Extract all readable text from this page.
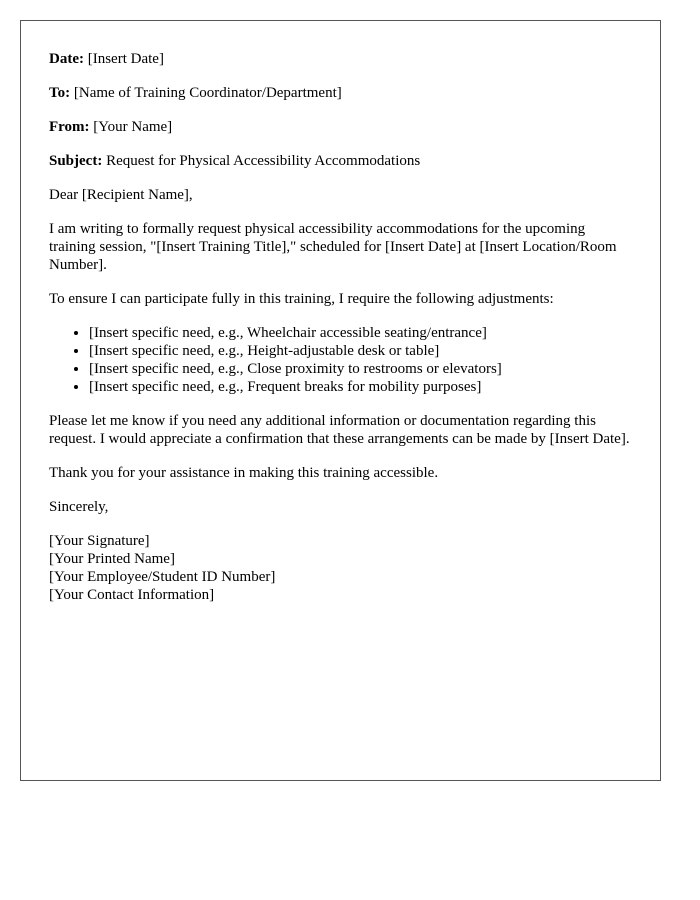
Date: [Insert Date]

To: [Name of Training Coordinator/Department]

From: [Your Name]

Subject: Request for Physical Accessibility Accommodations

Dear [Recipient Name],

I am writing to formally request physical accessibility accommodations for the upcoming training session, "[Insert Training Title]," scheduled for [Insert Date] at [Insert Location/Room Number].

To ensure I can participate fully in this training, I require the following adjustments:

• [Insert specific need, e.g., Wheelchair accessible seating/entrance]
• [Insert specific need, e.g., Height-adjustable desk or table]
• [Insert specific need, e.g., Close proximity to restrooms or elevators]
• [Insert specific need, e.g., Frequent breaks for mobility purposes]

Please let me know if you need any additional information or documentation regarding this request. I would appreciate a confirmation that these arrangements can be made by [Insert Date].

Thank you for your assistance in making this training accessible.

Sincerely,

[Your Signature]
[Your Printed Name]
[Your Employee/Student ID Number]
[Your Contact Information]
